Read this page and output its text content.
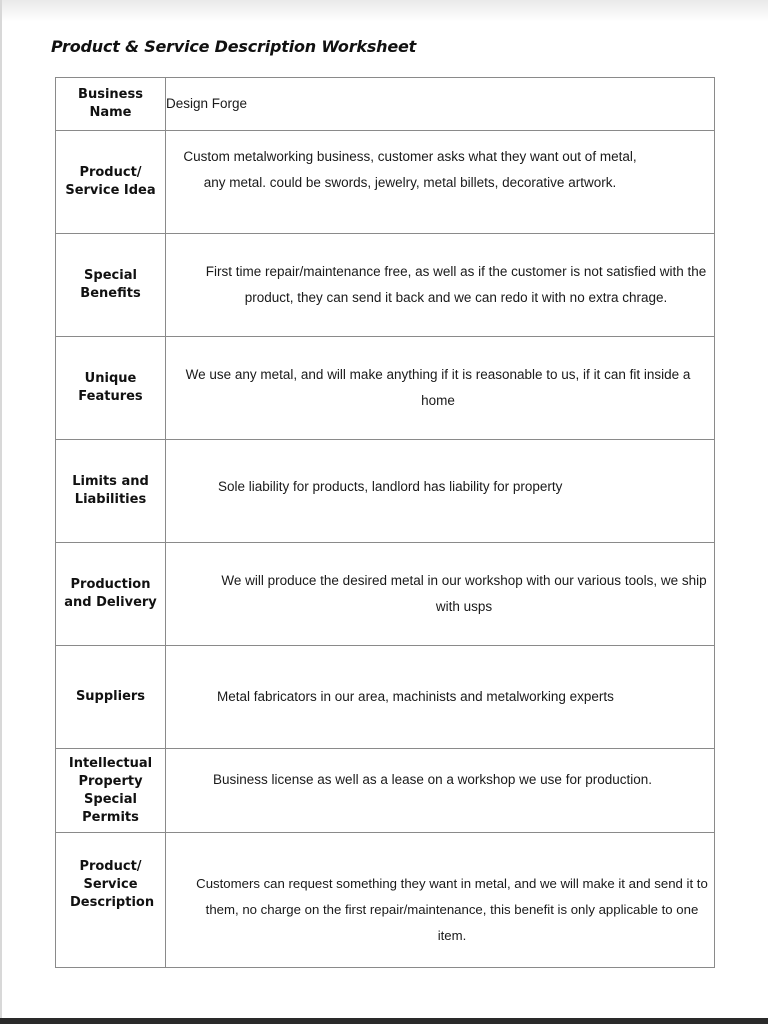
Product & Service Description Worksheet
Business Name	Design Forge

Product/ Service Idea	Custom metalworking business, customer asks what they want out of metal, any metal. could be swords, jewelry, metal billets, decorative artwork.

Special Benefits	First time repair/maintenance free, as well as if the customer is not satisfied with the product, they can send it back and we can redo it with no extra chrage.

Unique Features	We use any metal, and will make anything if it is reasonable to us, if it can fit inside a home

Limits and Liabilities	Sole liability for products, landlord has liability for property

Production and Delivery	We will produce the desired metal in our workshop with our various tools, we ship with usps

Suppliers	Metal fabricators in our area, machinists and metalworking experts

Intellectual Property Special Permits	Business license as well as a lease on a workshop we use for production.

Product/ Service Description	Customers can request something they want in metal, and we will make it and send it to them, no charge on the first repair/maintenance, this benefit is only applicable to one item.
